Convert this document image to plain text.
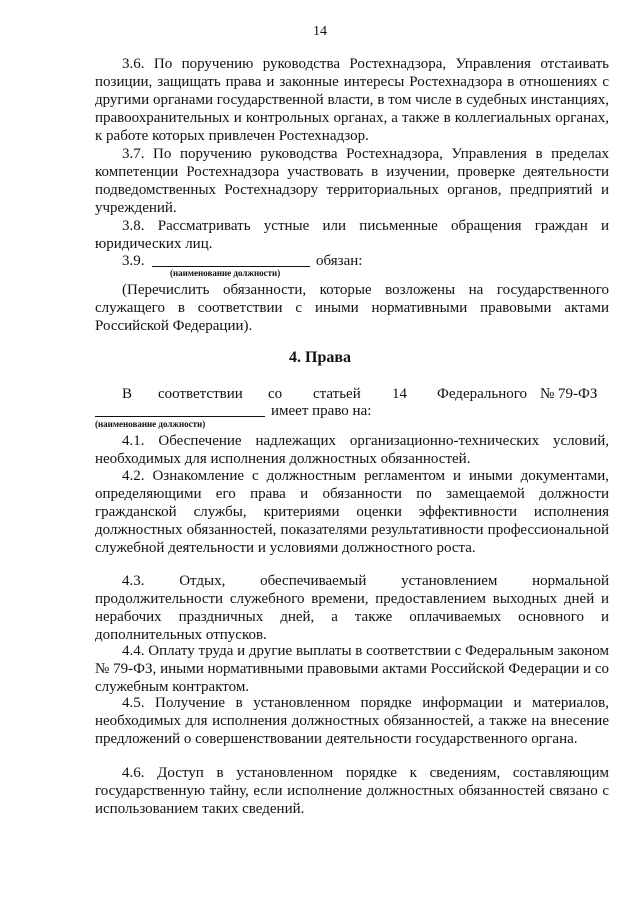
14
3.6. По поручению руководства Ростехнадзора, Управления отстаивать позиции, защищать права и законные интересы Ростехнадзора в отношениях с другими органами государственной власти, в том числе в судебных инстанциях, правоохранительных и контрольных органах, а также в коллегиальных органах, к работе которых привлечен Ростехнадзор.
3.7. По поручению руководства Ростехнадзора, Управления в пределах компетенции Ростехнадзора участвовать в изучении, проверке деятельности подведомственных Ростехнадзору территориальных органов, предприятий и учреждений.
3.8. Рассматривать устные или письменные обращения граждан и юридических лиц.
3.9.	обязан:
(наименование должности)
(Перечислить обязанности, которые возложены на государственного служащего в соответствии с иными нормативными правовыми актами Российской Федерации).
4. Права
В соответствии со статьей 14 Федерального № 79-ФЗ
имеет право на:
(наименование должности)
4.1. Обеспечение надлежащих организационно-технических условий, необходимых для исполнения должностных обязанностей.
4.2. Ознакомление с должностным регламентом и иными документами, определяющими его права и обязанности по замещаемой должности гражданской службы, критериями оценки эффективности исполнения должностных обязанностей, показателями результативности профессиональной служебной деятельности и условиями должностного роста.
4.3. Отдых, обеспечиваемый установлением нормальной продолжительности служебного времени, предоставлением выходных дней и нерабочих праздничных дней, а также оплачиваемых основного и дополнительных отпусков.
4.4. Оплату труда и другие выплаты в соответствии с Федеральным законом № 79-ФЗ, иными нормативными правовыми актами Российской Федерации и со служебным контрактом.
4.5. Получение в установленном порядке информации и материалов, необходимых для исполнения должностных обязанностей, а также на внесение предложений о совершенствовании деятельности государственного органа.
4.6. Доступ в установленном порядке к сведениям, составляющим государственную тайну, если исполнение должностных обязанностей связано с использованием таких сведений.
